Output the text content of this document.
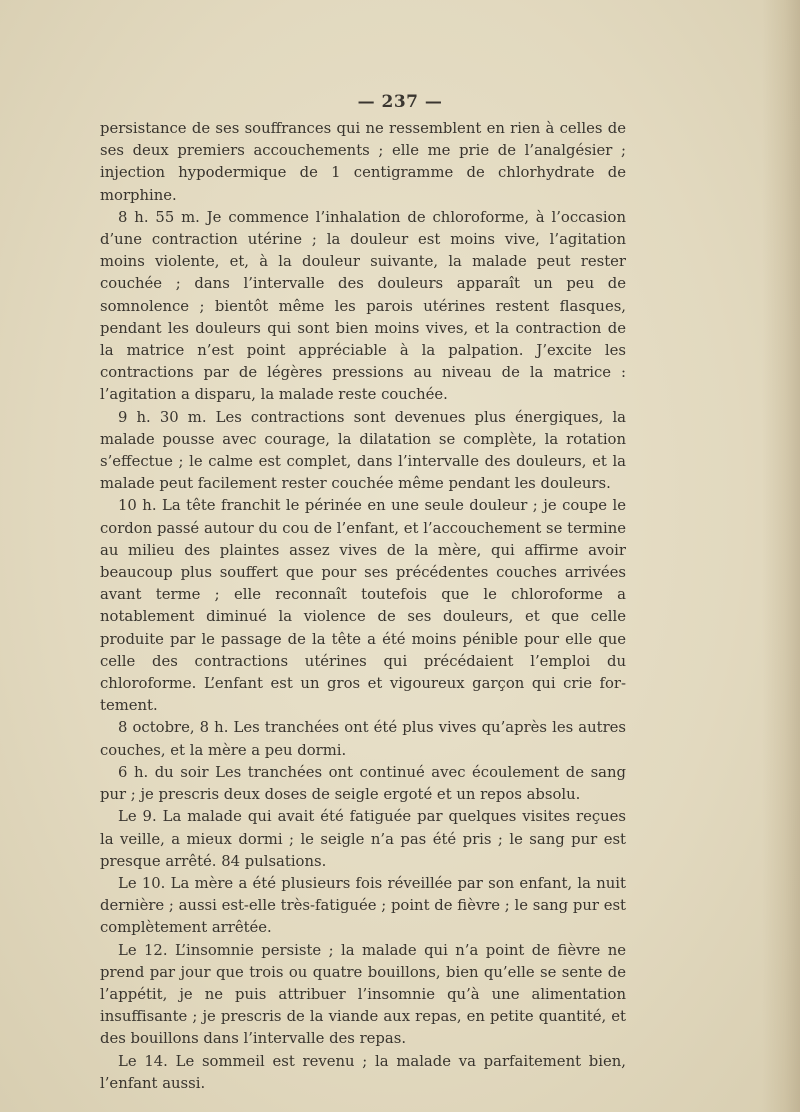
— 237 —

persistance de ses souffrances qui ne ressemblent en rien à celles de ses deux premiers accouchements ; elle me prie de l’analgésier ; injection hypodermique de 1 centigramme de chlorhydrate de morphine.

8 h. 55 m. Je commence l’inhalation de chloroforme, à l’occasion d’une contraction utérine ; la douleur est moins vive, l’agitation moins violente, et, à la douleur suivante, la malade peut rester couchée ; dans l’intervalle des douleurs apparaît un peu de somnolence ; bientôt même les parois utérines restent flasques, pendant les douleurs qui sont bien moins vives, et la contraction de la matrice n’est point appréciable à la palpation. J’excite les contractions par de légères pressions au niveau de la matrice : l’agitation a disparu, la malade reste couchée.

9 h. 30 m. Les contractions sont devenues plus énergiques, la malade pousse avec courage, la dilatation se complète, la rotation s’effectue ; le calme est complet, dans l’intervalle des douleurs, et la malade peut facilement rester couchée même pendant les douleurs.

10 h. La tête franchit le périnée en une seule douleur ; je coupe le cordon passé autour du cou de l’enfant, et l’accouchement se termine au milieu des plaintes assez vives de la mère, qui affirme avoir beaucoup plus souffert que pour ses précédentes couches arrivées avant terme ; elle reconnaît toutefois que le chloroforme a notablement diminué la violence de ses douleurs, et que celle produite par le passage de la tête a été moins pénible pour elle que celle des contractions utérines qui précédaient l’emploi du chloroforme. L’enfant est un gros et vigoureux garçon qui crie fortement.

8 octobre, 8 h. Les tranchées ont été plus vives qu’après les autres couches, et la mère a peu dormi.

6 h. du soir Les tranchées ont continué avec écoulement de sang pur ; je prescris deux doses de seigle ergoté et un repos absolu.

Le 9. La malade qui avait été fatiguée par quelques visites reçues la veille, a mieux dormi ; le seigle n’a pas été pris ; le sang pur est presque arrêté. 84 pulsations.

Le 10. La mère a été plusieurs fois réveillée par son enfant, la nuit dernière ; aussi est-elle très-fatiguée ; point de fièvre ; le sang pur est complètement arrêtée.

Le 12. L’insomnie persiste ; la malade qui n’a point de fièvre ne prend par jour que trois ou quatre bouillons, bien qu’elle se sente de l’appétit, je ne puis attribuer l’insomnie qu’à une alimentation insuffisante ; je prescris de la viande aux repas, en petite quantité, et des bouillons dans l’intervalle des repas.

Le 14. Le sommeil est revenu ; la malade va parfaitement bien, l’enfant aussi.
